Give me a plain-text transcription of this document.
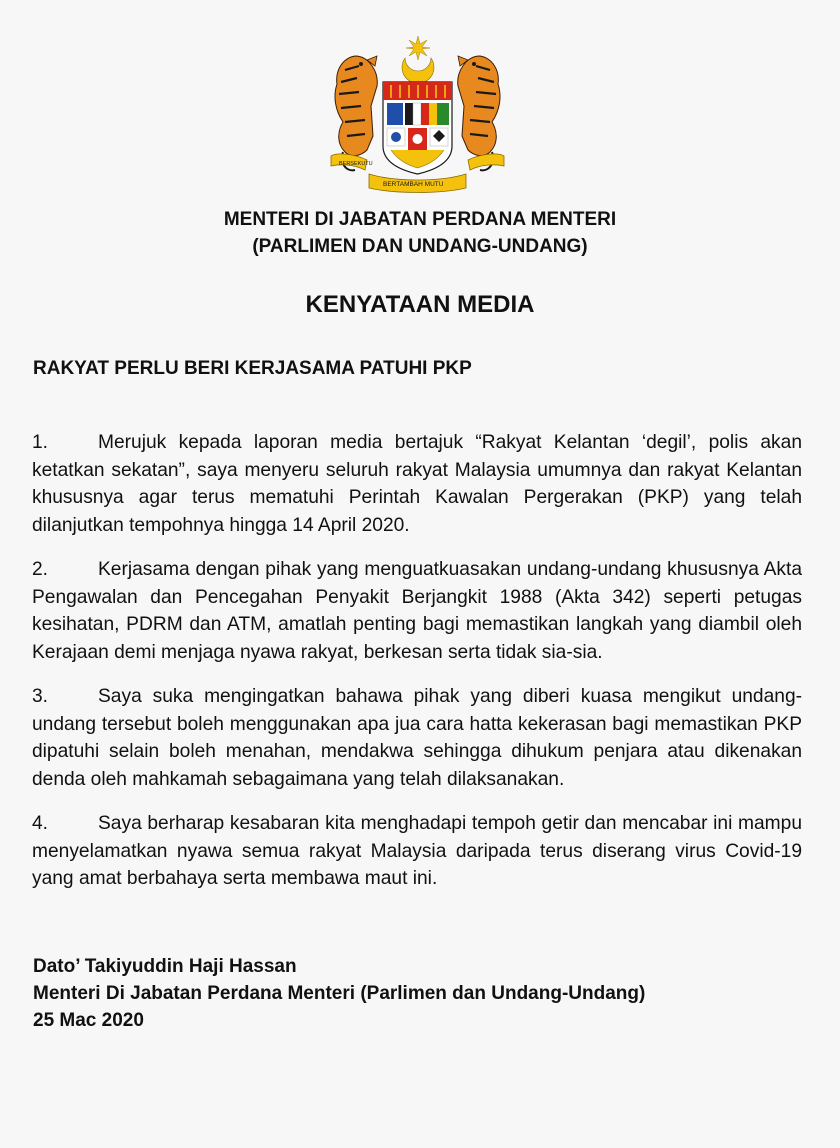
BERSEKUTU
BERTAMBAH MUTU
MENTERI DI JABATAN PERDANA MENTERI
(PARLIMEN DAN UNDANG-UNDANG)
KENYATAAN MEDIA
RAKYAT PERLU BERI KERJASAMA PATUHI PKP
1.	Merujuk kepada laporan media bertajuk “Rakyat Kelantan ‘degil’, polis akan ketatkan sekatan”, saya menyeru seluruh rakyat Malaysia umumnya dan rakyat Kelantan khususnya agar terus mematuhi Perintah Kawalan Pergerakan (PKP) yang telah dilanjutkan tempohnya hingga 14 April 2020.
2.	Kerjasama dengan pihak yang menguatkuasakan undang-undang khususnya Akta Pengawalan dan Pencegahan Penyakit Berjangkit 1988 (Akta 342) seperti petugas kesihatan, PDRM dan ATM, amatlah penting bagi memastikan langkah yang diambil oleh Kerajaan demi menjaga nyawa rakyat, berkesan serta tidak sia-sia.
3.	Saya suka mengingatkan bahawa pihak yang diberi kuasa mengikut undang-undang tersebut boleh menggunakan apa jua cara hatta kekerasan bagi memastikan PKP dipatuhi selain boleh menahan, mendakwa sehingga dihukum penjara atau dikenakan denda oleh mahkamah sebagaimana yang telah dilaksanakan.
4.	Saya berharap kesabaran kita menghadapi tempoh getir dan mencabar ini mampu menyelamatkan nyawa semua rakyat Malaysia daripada terus diserang virus Covid-19 yang amat berbahaya serta membawa maut ini.
Dato’ Takiyuddin Haji Hassan
Menteri Di Jabatan Perdana Menteri (Parlimen dan Undang-Undang)
25 Mac 2020
